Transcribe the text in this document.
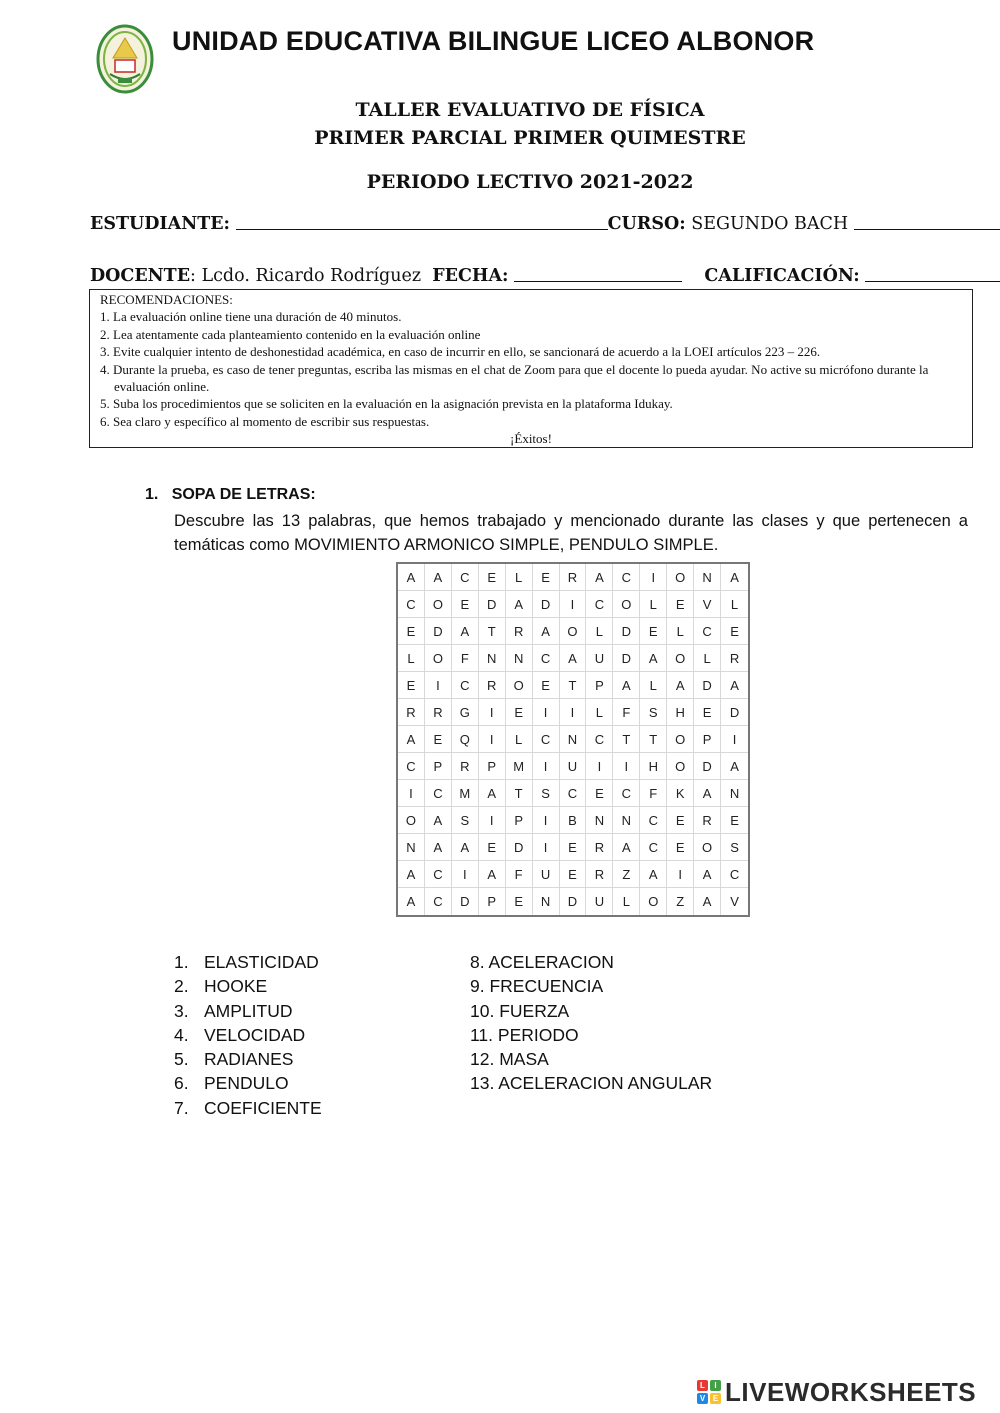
UNIDAD EDUCATIVA BILINGUE LICEO ALBONOR
TALLER EVALUATIVO DE FÍSICA
PRIMER PARCIAL PRIMER QUIMESTRE
PERIODO LECTIVO 2021-2022
ESTUDIANTE:	CURSO: SEGUNDO BACH
DOCENTE: Lcdo. Ricardo Rodríguez FECHA:	CALIFICACIÓN:
RECOMENDACIONES:
1. La evaluación online tiene una duración de 40 minutos.
2. Lea atentamente cada planteamiento contenido en la evaluación online
3. Evite cualquier intento de deshonestidad académica, en caso de incurrir en ello, se sancionará de acuerdo a la LOEI artículos 223 – 226.
4. Durante la prueba, es caso de tener preguntas, escriba las mismas en el chat de Zoom para que el docente lo pueda ayudar. No active su micrófono durante la evaluación online.
5. Suba los procedimientos que se soliciten en la evaluación en la asignación prevista en la plataforma Idukay.
6. Sea claro y específico al momento de escribir sus respuestas.
¡Éxitos!
1. SOPA DE LETRAS:
Descubre las 13 palabras, que hemos trabajado y mencionado durante las clases y que pertenecen a temáticas como MOVIMIENTO ARMONICO SIMPLE, PENDULO SIMPLE.
A	A	C	E	L	E	R	A	C	I	O	N	A
C	O	E	D	A	D	I	C	O	L	E	V	L
E	D	A	T	R	A	O	L	D	E	L	C	E
L	O	F	N	N	C	A	U	D	A	O	L	R
E	I	C	R	O	E	T	P	A	L	A	D	A
R	R	G	I	E	I	I	L	F	S	H	E	D
A	E	Q	I	L	C	N	C	T	T	O	P	I
C	P	R	P	M	I	U	I	I	H	O	D	A
I	C	M	A	T	S	C	E	C	F	K	A	N
O	A	S	I	P	I	B	N	N	C	E	R	E
N	A	A	E	D	I	E	R	A	C	E	O	S
A	C	I	A	F	U	E	R	Z	A	I	A	C
A	C	D	P	E	N	D	U	L	O	Z	A	V
1. ELASTICIDAD
2. HOOKE
3. AMPLITUD
4. VELOCIDAD
5. RADIANES
6. PENDULO
7. COEFICIENTE
8. ACELERACION
9. FRECUENCIA
10. FUERZA
11. PERIODO
12. MASA
13. ACELERACION ANGULAR
L	I
V E LIVEWORKSHEETS
